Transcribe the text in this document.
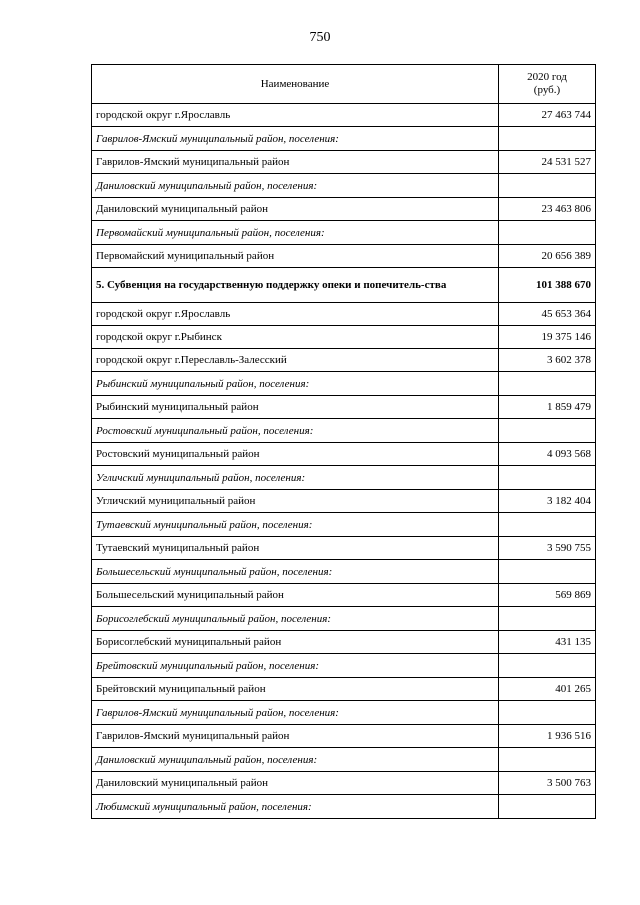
750
Наименование	2020 год
(руб.)
городской округ г.Ярославль	27 463 744
Гаврилов-Ямский муниципальный район, поселения:	
Гаврилов-Ямский муниципальный район	24 531 527
Даниловский муниципальный район, поселения:	
Даниловский муниципальный район	23 463 806
Первомайский муниципальный район, поселения:	
Первомайский муниципальный район	20 656 389
5. Субвенция на государственную поддержку опеки и попечитель-ства	101 388 670
городской округ г.Ярославль	45 653 364
городской округ г.Рыбинск	19 375 146
городской округ г.Переславль-Залесский	3 602 378
Рыбинский муниципальный район, поселения:	
Рыбинский муниципальный район	1 859 479
Ростовский муниципальный район, поселения:	
Ростовский муниципальный район	4 093 568
Угличский муниципальный район, поселения:	
Угличский муниципальный район	3 182 404
Тутаевский муниципальный район, поселения:	
Тутаевский муниципальный район	3 590 755
Большесельский муниципальный район, поселения:	
Большесельский муниципальный район	569 869
Борисоглебский муниципальный район, поселения:	
Борисоглебский муниципальный район	431 135
Брейтовский муниципальный район, поселения:	
Брейтовский муниципальный район	401 265
Гаврилов-Ямский муниципальный район, поселения:	
Гаврилов-Ямский муниципальный район	1 936 516
Даниловский муниципальный район, поселения:	
Даниловский муниципальный район	3 500 763
Любимский муниципальный район, поселения:	
